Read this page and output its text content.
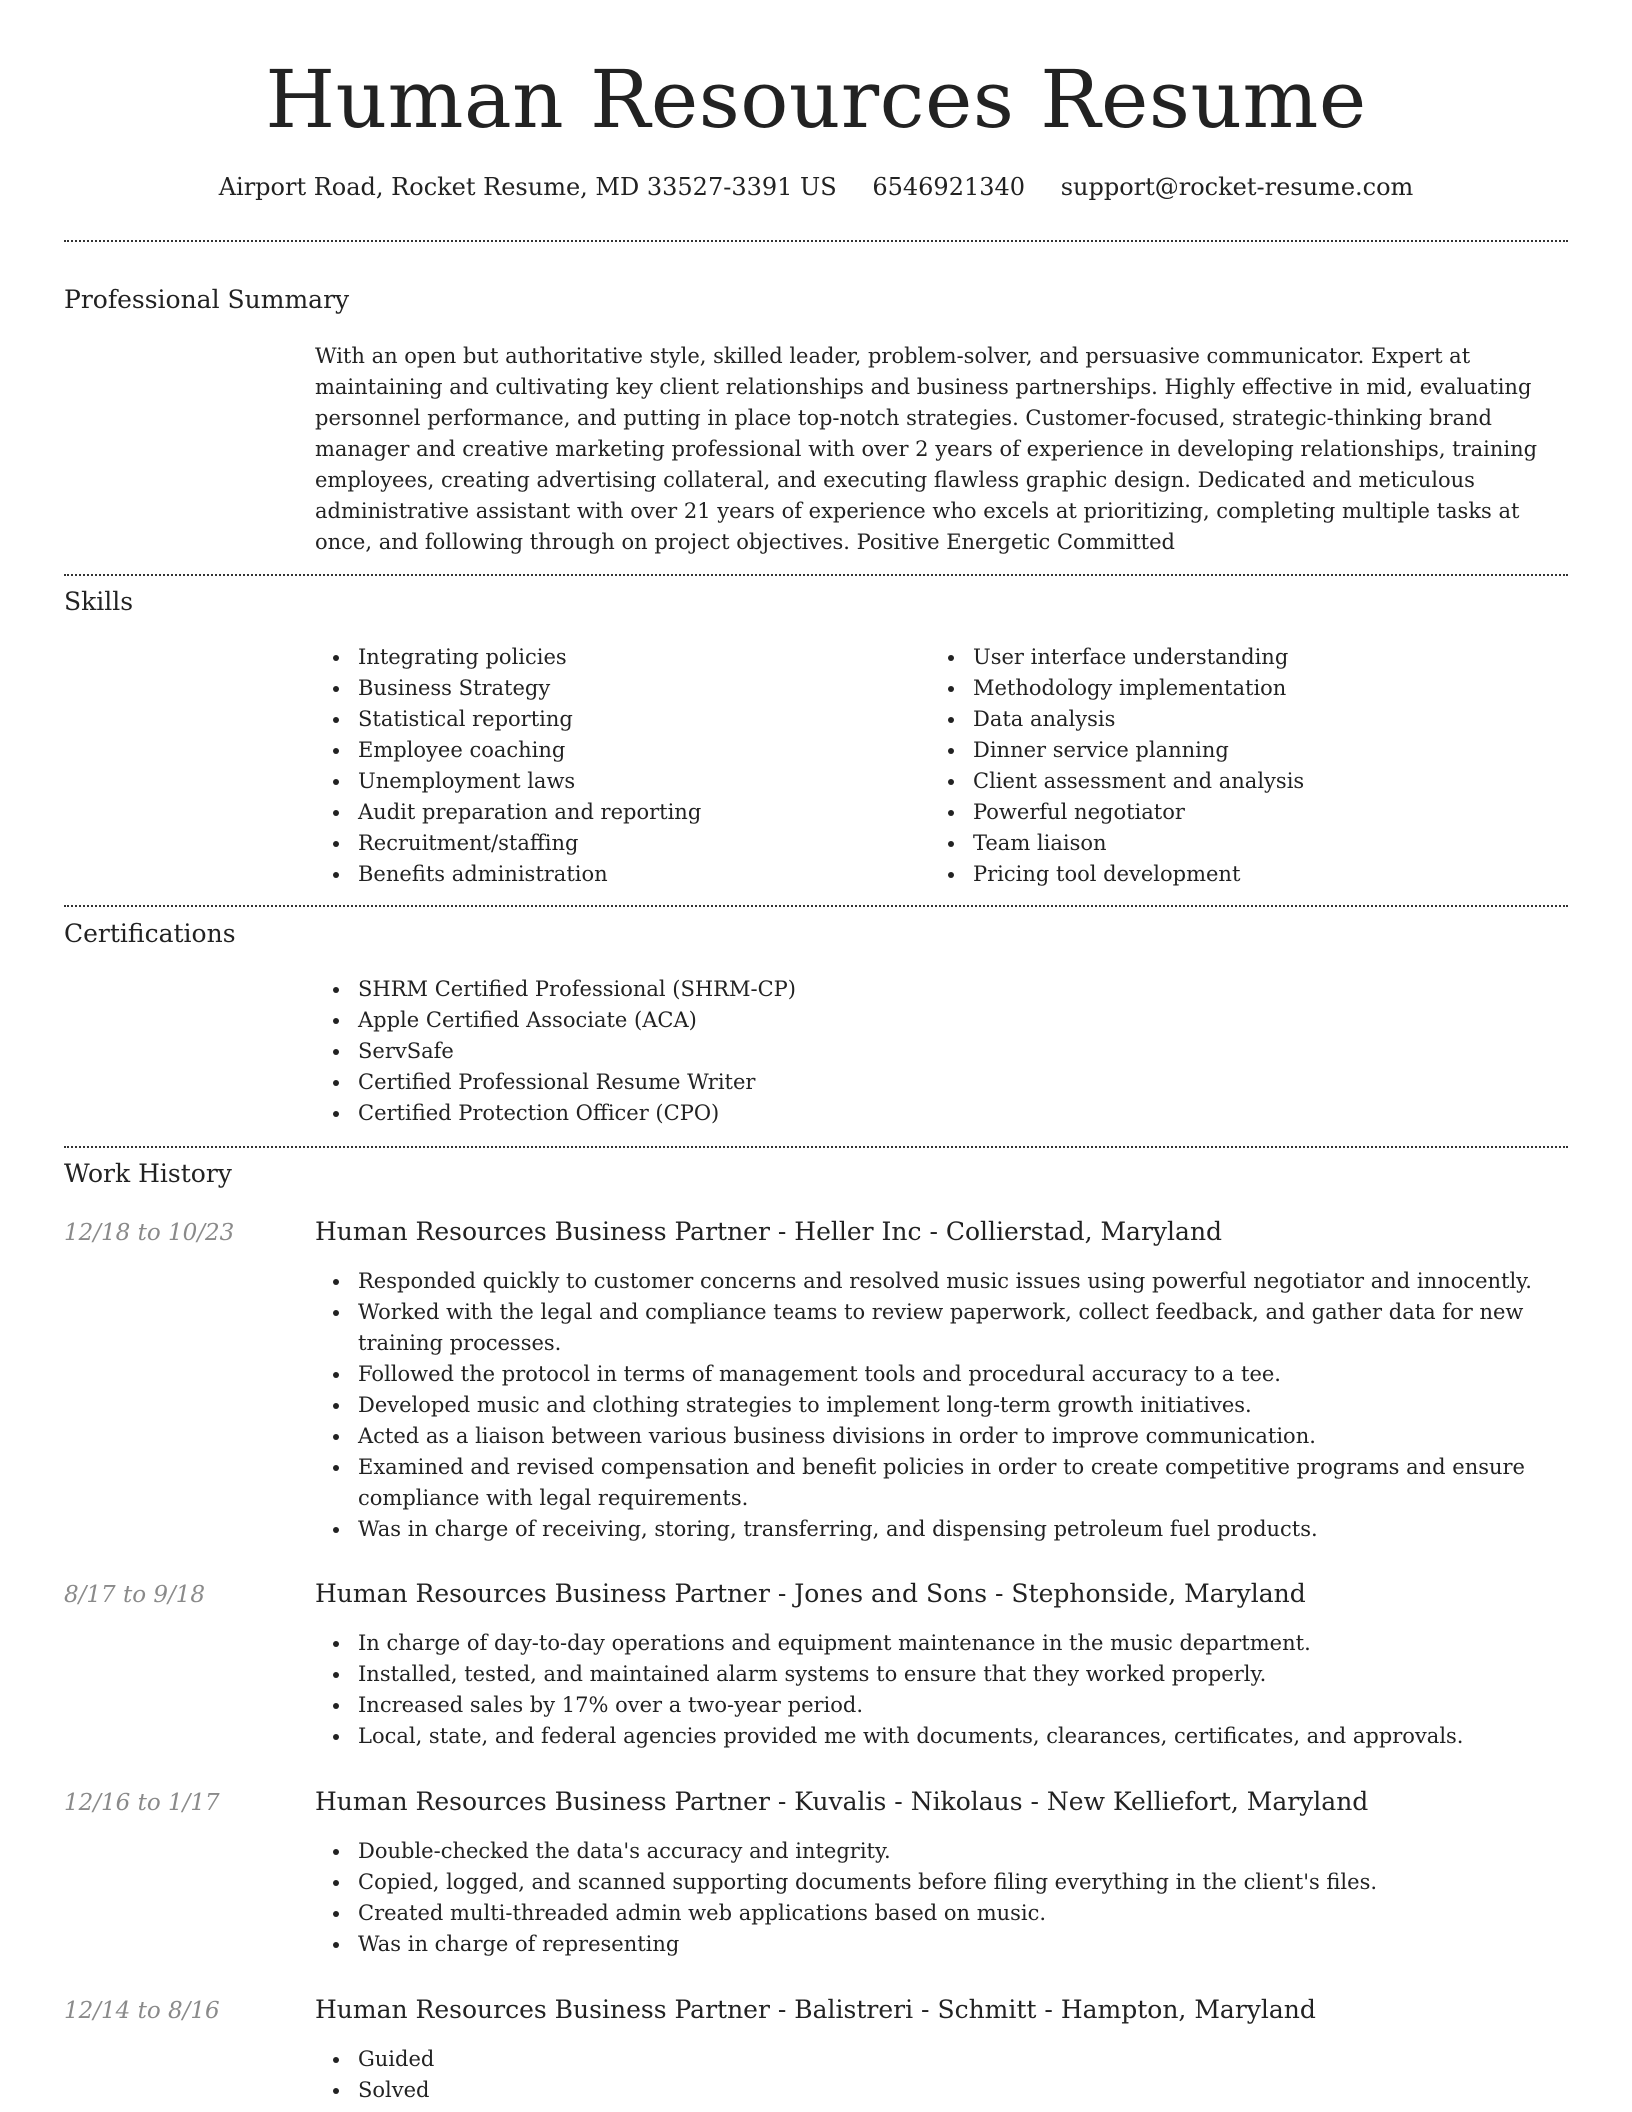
Human Resources Resume
Airport Road, Rocket Resume, MD 33527-3391 US 6546921340 support@rocket-resume.com
Professional Summary

With an open but authoritative style, skilled leader, problem-solver, and persuasive communicator. Expert at maintaining and cultivating key client relationships and business partnerships. Highly effective in mid, evaluating personnel performance, and putting in place top-notch strategies. Customer-focused, strategic-thinking brand manager and creative marketing professional with over 2 years of experience in developing relationships, training employees, creating advertising collateral, and executing flawless graphic design. Dedicated and meticulous administrative assistant with over 21 years of experience who excels at prioritizing, completing multiple tasks at once, and following through on project objectives. Positive Energetic Committed

Skills
Integrating policies
Business Strategy
Statistical reporting
Employee coaching
Unemployment laws
Audit preparation and reporting
Recruitment/staffing
Benefits administration
User interface understanding
Methodology implementation
Data analysis
Dinner service planning
Client assessment and analysis
Powerful negotiator
Team liaison
Pricing tool development
Certifications
SHRM Certified Professional (SHRM-CP)
Apple Certified Associate (ACA)
ServSafe
Certified Professional Resume Writer
Certified Protection Officer (CPO)
Work History
12/18 to 10/23	Human Resources Business Partner - Heller Inc - Collierstad, Maryland
Responded quickly to customer concerns and resolved music issues using powerful negotiator and innocently.
Worked with the legal and compliance teams to review paperwork, collect feedback, and gather data for new training processes.
Followed the protocol in terms of management tools and procedural accuracy to a tee.
Developed music and clothing strategies to implement long-term growth initiatives.
Acted as a liaison between various business divisions in order to improve communication.
Examined and revised compensation and benefit policies in order to create competitive programs and ensure compliance with legal requirements.
Was in charge of receiving, storing, transferring, and dispensing petroleum fuel products.
8/17 to 9/18	Human Resources Business Partner - Jones and Sons - Stephonside, Maryland
In charge of day-to-day operations and equipment maintenance in the music department.
Installed, tested, and maintained alarm systems to ensure that they worked properly.
Increased sales by 17% over a two-year period.
Local, state, and federal agencies provided me with documents, clearances, certificates, and approvals.
12/16 to 1/17	Human Resources Business Partner - Kuvalis - Nikolaus - New Kelliefort, Maryland
Double-checked the data's accuracy and integrity.
Copied, logged, and scanned supporting documents before filing everything in the client's files.
Created multi-threaded admin web applications based on music.
Was in charge of representing
12/14 to 8/16	Human Resources Business Partner - Balistreri - Schmitt - Hampton, Maryland
Guided
Solved
